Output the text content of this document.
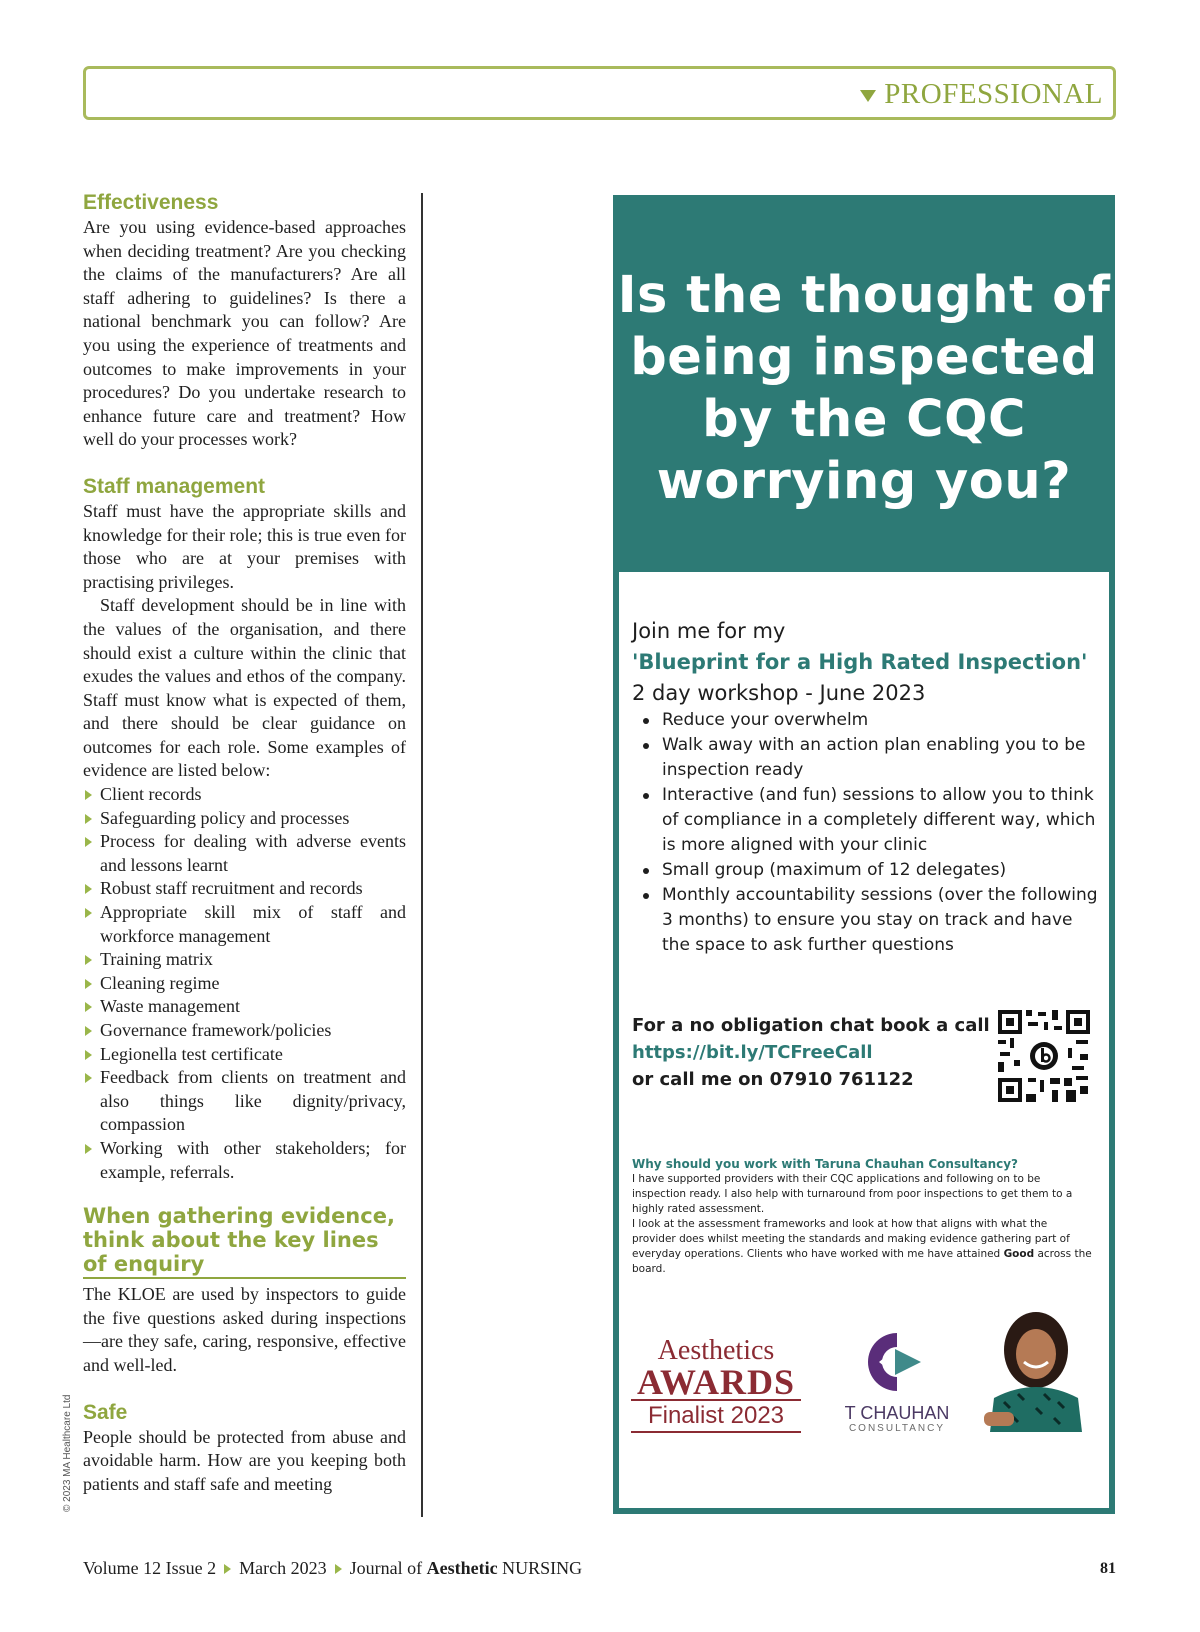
PROFESSIONAL
Effectiveness

Are you using evidence-based approaches when deciding treatment? Are you checking the claims of the manufacturers? Are all staff adhering to guidelines? Is there a national benchmark you can follow? Are you using the experience of treatments and outcomes to make improvements in your procedures? Do you undertake research to enhance future care and treatment? How well do your processes work?

Staff management

Staff must have the appropriate skills and knowledge for their role; this is true even for those who are at your premises with practising privileges.

Staff development should be in line with the values of the organisation, and there should exist a culture within the clinic that exudes the values and ethos of the company. Staff must know what is expected of them, and there should be clear guidance on outcomes for each role. Some examples of evidence are listed below:

Client records
Safeguarding policy and processes
Process for dealing with adverse events and lessons learnt
Robust staff recruitment and records
Appropriate skill mix of staff and workforce management
Training matrix
Cleaning regime
Waste management
Governance framework/policies
Legionella test certificate
Feedback from clients on treatment and also things like dignity/privacy, compassion
Working with other stakeholders; for example, referrals.
When gathering evidence, think about the key lines of enquiry

The KLOE are used by inspectors to guide the five questions asked during inspections—are they safe, caring, responsive, effective and well-led.

Safe

People should be protected from abuse and avoidable harm. How are you keeping both patients and staff safe and meeting

© 2023 MA Healthcare Ltd
Is the thought of being inspected by the CQC worrying you?
Join me for my
'Blueprint for a High Rated Inspection'
2 day workshop - June 2023
Reduce your overwhelm
Walk away with an action plan enabling you to be inspection ready
Interactive (and fun) sessions to allow you to think of compliance in a completely different way, which is more aligned with your clinic
Small group (maximum of 12 delegates)
Monthly accountability sessions (over the following 3 months) to ensure you stay on track and have the space to ask further questions
For a no obligation chat book a call
https://bit.ly/TCFreeCall
or call me on 07910 761122
Why should you work with Taruna Chauhan Consultancy?
I have supported providers with their CQC applications and following on to be inspection ready. I also help with turnaround from poor inspections to get them to a highly rated assessment.
I look at the assessment frameworks and look at how that aligns with what the provider does whilst meeting the standards and making evidence gathering part of everyday operations. Clients who have worked with me have attained Good across the board.
Aesthetics
AWARDS
Finalist 2023	T CHAUHAN
CONSULTANCY
Volume 12 Issue 2 March 2023 Journal of Aesthetic NURSING	81
